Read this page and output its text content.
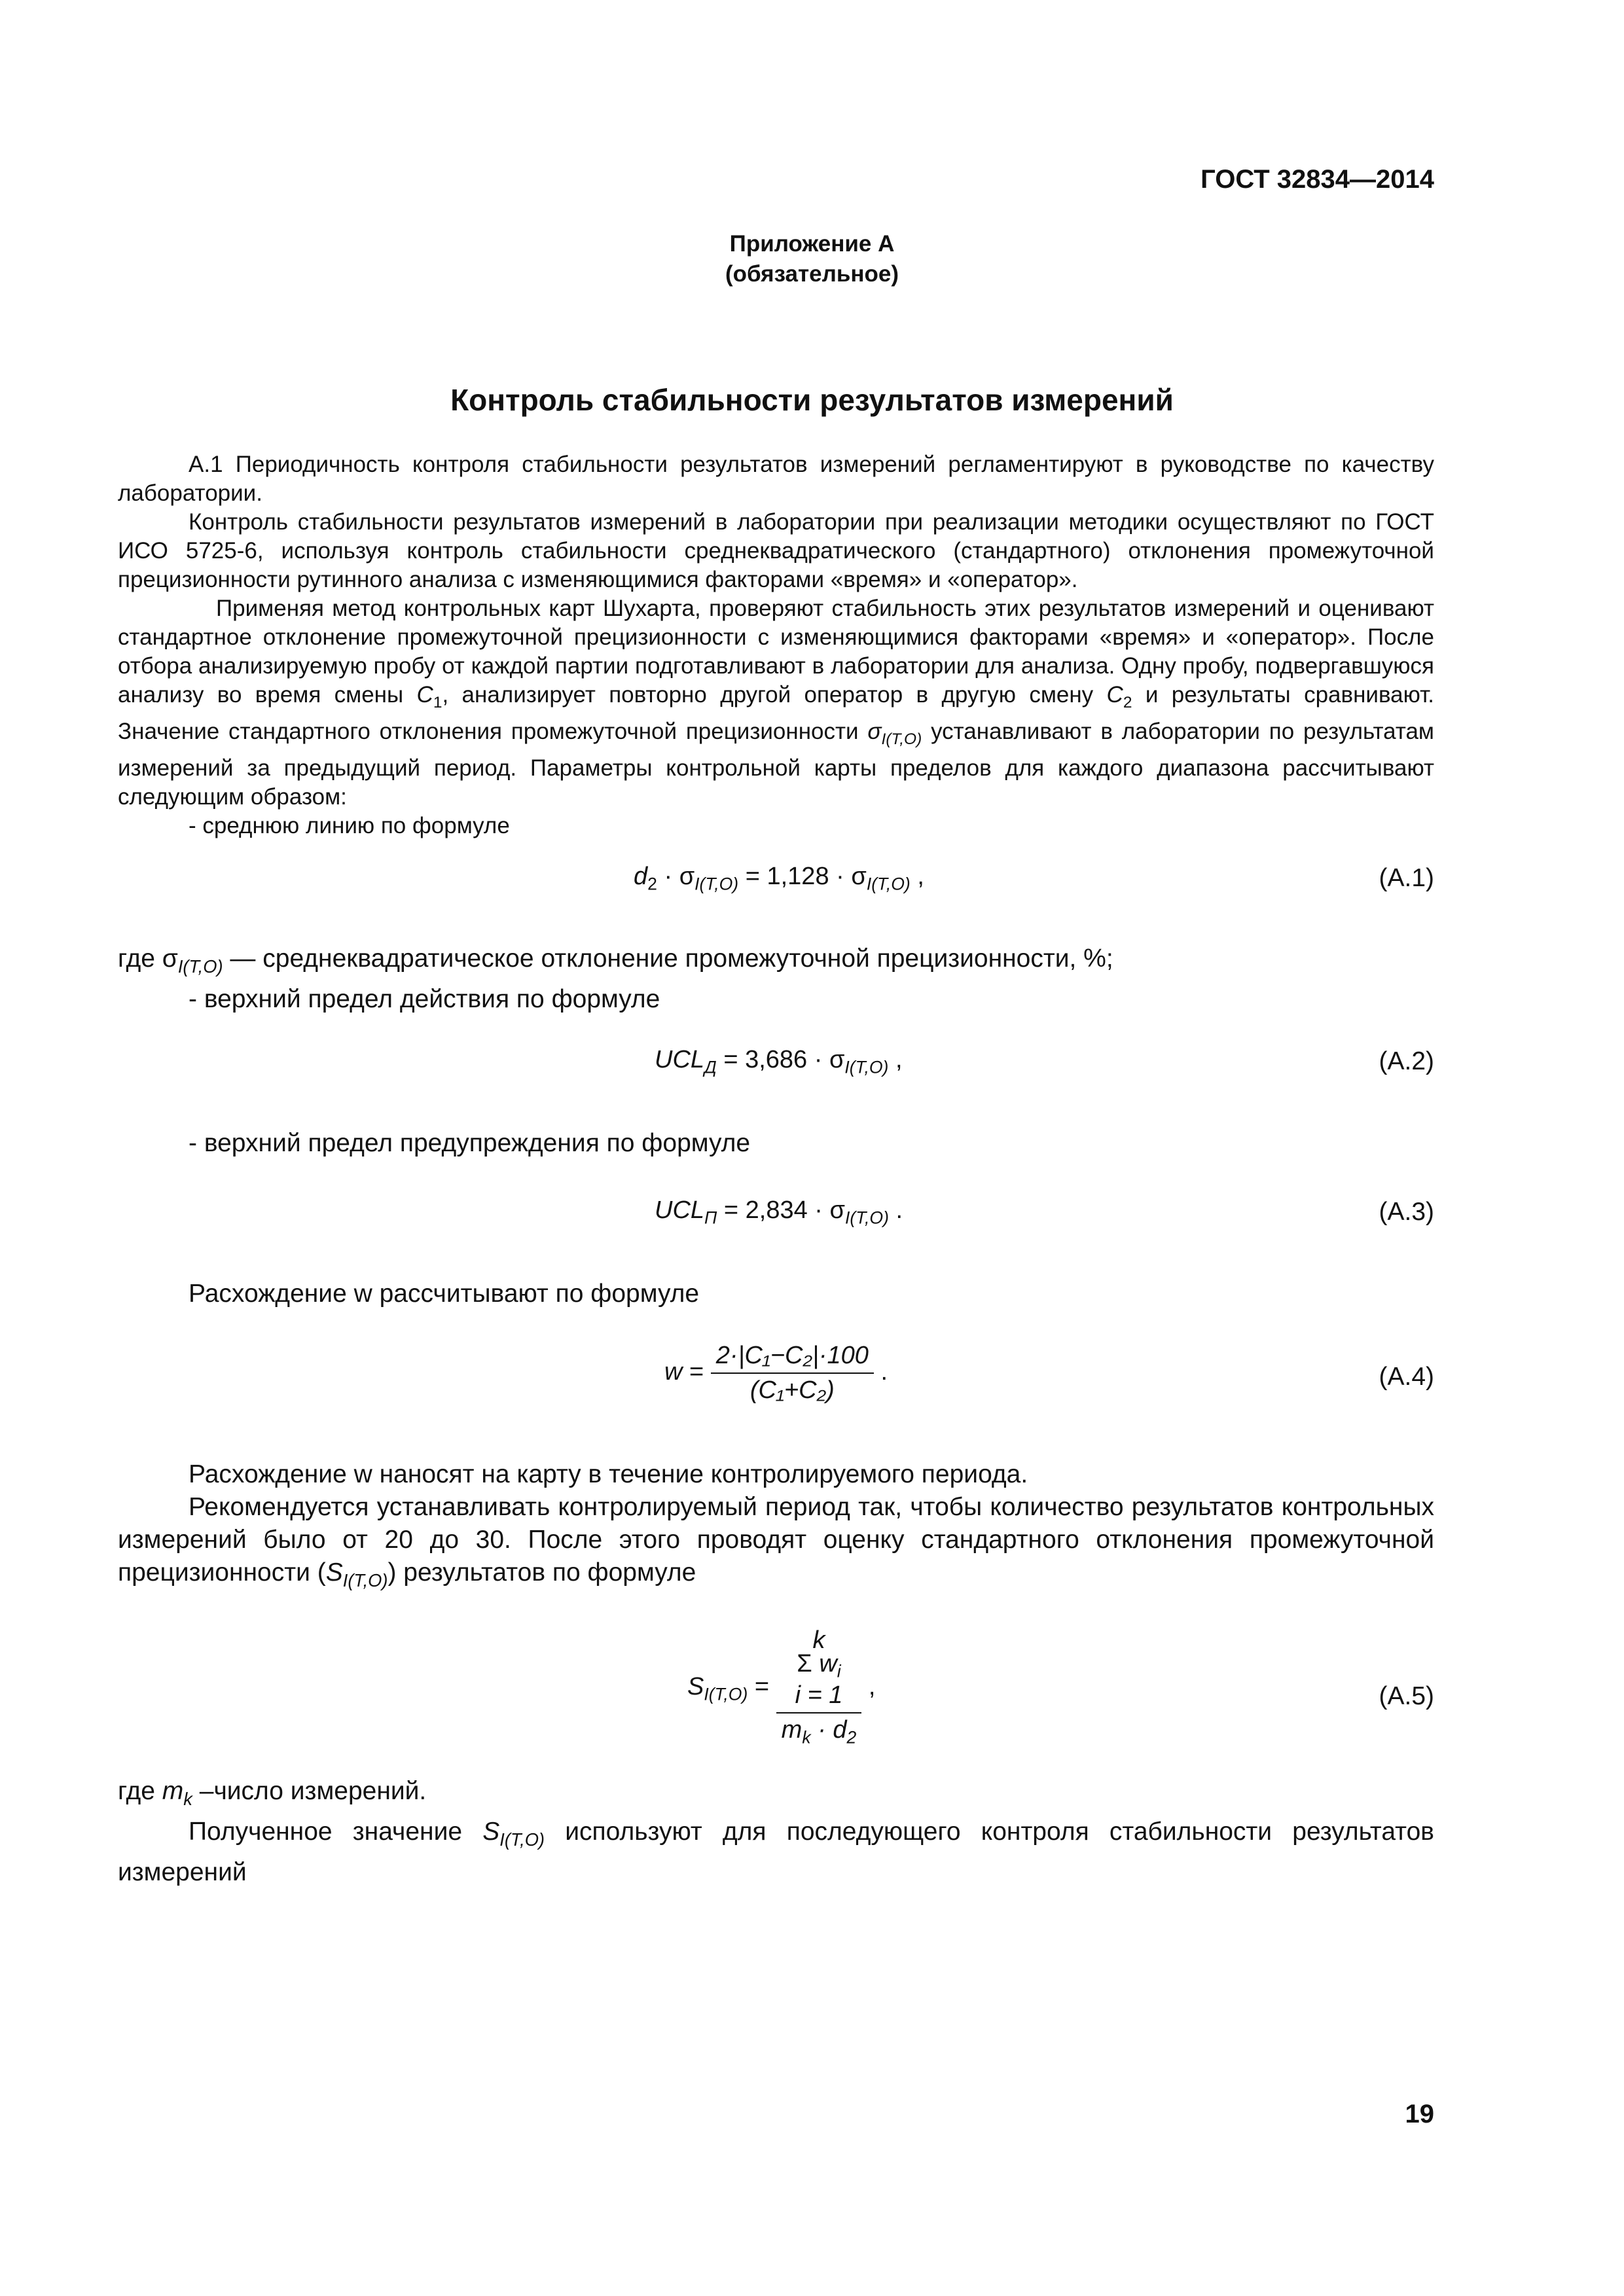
ГОСТ 32834—2014
Приложение А
(обязательное)
Контроль стабильности результатов измерений

А.1 Периодичность контроля стабильности результатов измерений регламентируют в руководстве по качеству лаборатории.

Контроль стабильности результатов измерений в лаборатории при реализации методики осуществляют по ГОСТ ИСО 5725-6, используя контроль стабильности среднеквадратического (стандартного) отклонения промежуточной прецизионности рутинного анализа с изменяющимися факторами «время» и «оператор».

Применяя метод контрольных карт Шухарта, проверяют стабильность этих результатов измерений и оценивают стандартное отклонение промежуточной прецизионности с изменяющимися факторами «время» и «оператор». После отбора анализируемую пробу от каждой партии подготавливают в лаборатории для анализа. Одну пробу, подвергавшуюся анализу во время смены $C_1$, анализирует повторно другой оператор в другую смену $C_2$ и результаты сравнивают. Значение стандартного отклонения промежуточной прецизионности $\sigma_{I(T,O)}$ устанавливают в лаборатории по результатам измерений за предыдущий период. Параметры контрольной карты пределов для каждого диапазона рассчитывают следующим образом:

- среднюю линию по формуле

$d_2 \cdot \sigma_{I(T,O)} = 1,128 \cdot \sigma_{I(T,O)}$ ,	(A.1)

где $\sigma_{I(T,O)}$ — среднеквадратическое отклонение промежуточной прецизионности, %;

- верхний предел действия по формуле

$UCL_Д = 3,686 \cdot \sigma_{I(T,O)}$ ,	(A.2)

- верхний предел предупреждения по формуле

$UCL_П = 2,834 \cdot \sigma_{I(T,O)}$ .	(A.3)

Расхождение w рассчитывают по формуле

$w = \frac{\text{2·|C₁−C₂|·100}}{\text{(C₁+C₂)}}$ .	(A.4)

Расхождение w наносят на карту в течение контролируемого периода.

Рекомендуется устанавливать контролируемый период так, чтобы количество результатов контрольных измерений было от 20 до 30. После этого проводят оценку стандартного отклонения промежуточной прецизионности $(S_{I(T,O)})$ результатов по формуле

$S_{I(T,O)} = k$
Σ $w_i$
i = 1
$m_k \cdot d_2$ ,	(A.5)

где $m_k$ –число измерений.

Полученное значение $S_{I(T,O)}$ используют для последующего контроля стабильности результатов измерений

19
